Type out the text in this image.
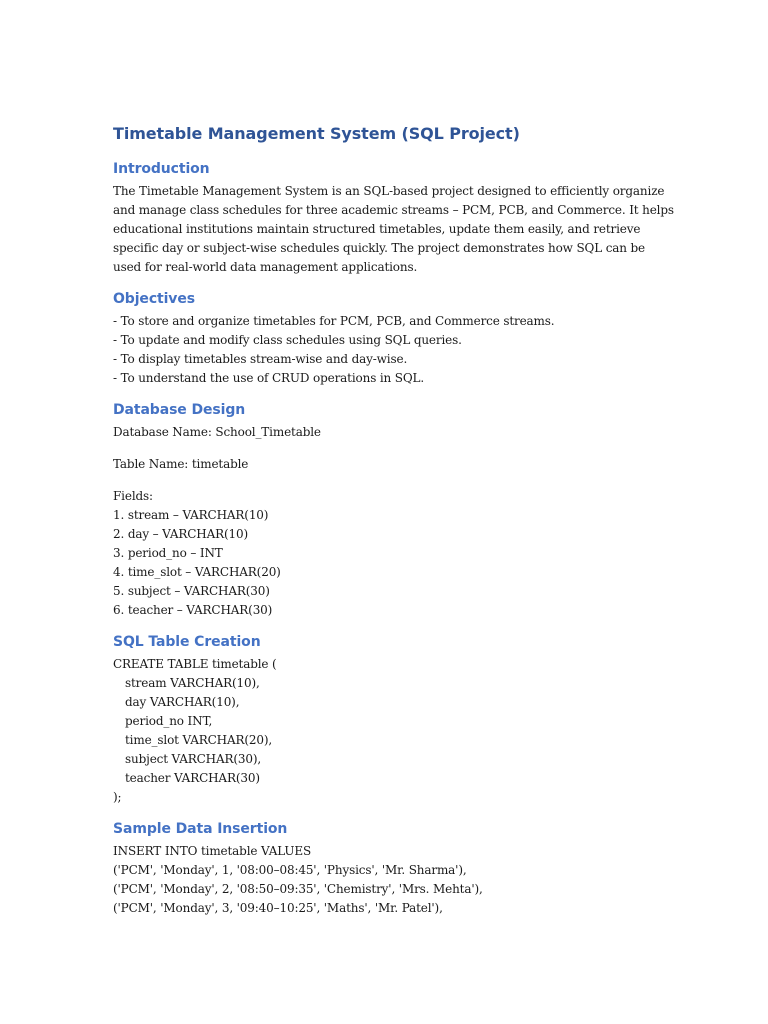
Timetable Management System (SQL Project)
Introduction

The Timetable Management System is an SQL-based project designed to efficiently organize

and manage class schedules for three academic streams – PCM, PCB, and Commerce. It helps

educational institutions maintain structured timetables, update them easily, and retrieve

specific day or subject-wise schedules quickly. The project demonstrates how SQL can be

used for real-world data management applications.

Objectives

- To store and organize timetables for PCM, PCB, and Commerce streams.

- To update and modify class schedules using SQL queries.

- To display timetables stream-wise and day-wise.

- To understand the use of CRUD operations in SQL.

Database Design

Database Name: School_Timetable

Table Name: timetable

Fields:

1. stream – VARCHAR(10)

2. day – VARCHAR(10)

3. period_no – INT

4. time_slot – VARCHAR(20)

5. subject – VARCHAR(30)

6. teacher – VARCHAR(30)

SQL Table Creation

CREATE TABLE timetable (

stream VARCHAR(10),

day VARCHAR(10),

period_no INT,

time_slot VARCHAR(20),

subject VARCHAR(30),

teacher VARCHAR(30)

);

Sample Data Insertion

INSERT INTO timetable VALUES

('PCM', 'Monday', 1, '08:00–08:45', 'Physics', 'Mr. Sharma'),

('PCM', 'Monday', 2, '08:50–09:35', 'Chemistry', 'Mrs. Mehta'),

('PCM', 'Monday', 3, '09:40–10:25', 'Maths', 'Mr. Patel'),
